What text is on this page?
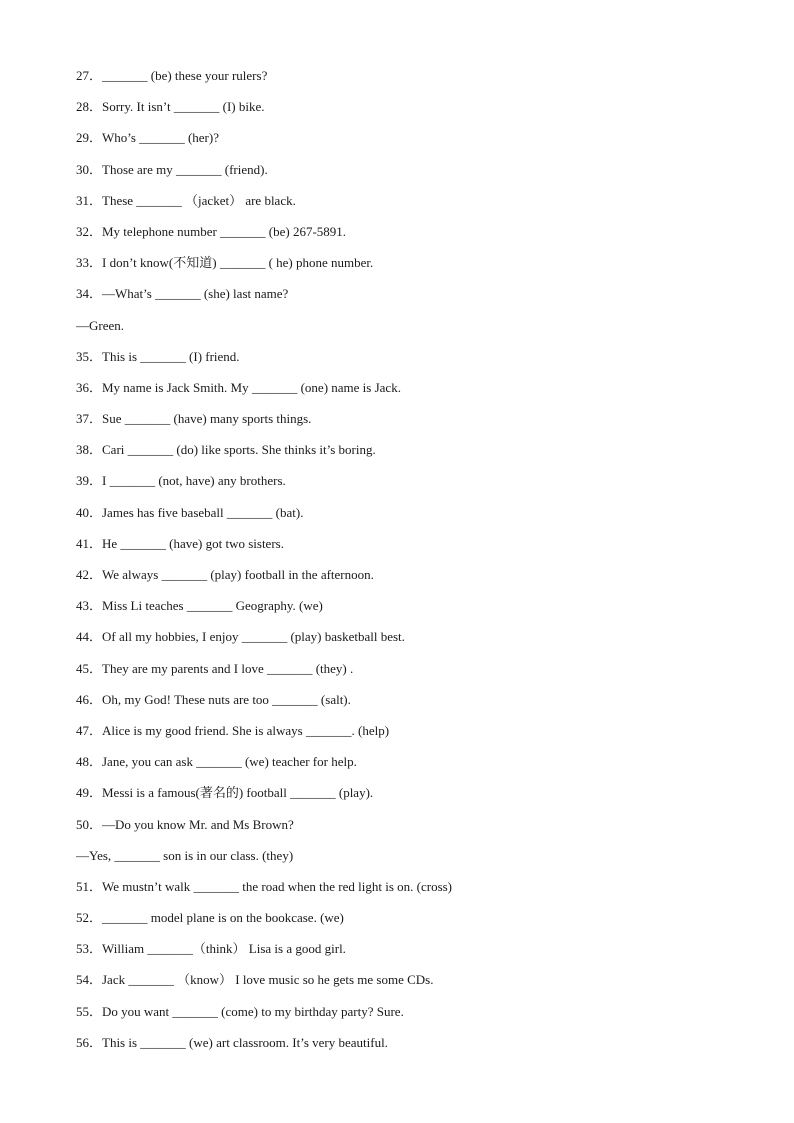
27．_______ (be) these your rulers?
28．Sorry. It isn’t _______ (I) bike.
29．Who’s _______ (her)?
30．Those are my _______ (friend).
31．These _______ （jacket） are black.
32．My telephone number _______ (be) 267-5891.
33．I don’t know(不知道) _______ ( he) phone number.
34．—What’s _______ (she) last name?
—Green.
35．This is _______ (I) friend.
36．My name is Jack Smith. My _______ (one) name is Jack.
37．Sue _______ (have) many sports things.
38．Cari _______ (do) like sports. She thinks it’s boring.
39．I _______ (not, have) any brothers.
40．James has five baseball _______ (bat).
41．He _______ (have) got two sisters.
42．We always _______ (play) football in the afternoon.
43．Miss Li teaches _______ Geography. (we)
44．Of all my hobbies, I enjoy _______ (play) basketball best.
45．They are my parents and I love _______ (they) .
46．Oh, my God! These nuts are too _______ (salt).
47．Alice is my good friend. She is always _______. (help)
48．Jane, you can ask _______ (we) teacher for help.
49．Messi is a famous(著名的) football _______ (play).
50．—Do you know Mr. and Ms Brown?
—Yes, _______ son is in our class. (they)
51．We mustn’t walk _______ the road when the red light is on. (cross)
52．_______ model plane is on the bookcase. (we)
53．William _______（think） Lisa is a good girl.
54．Jack _______ （know） I love music so he gets me some CDs.
55．Do you want _______ (come) to my birthday party? Sure.
56．This is _______ (we) art classroom. It’s very beautiful.
